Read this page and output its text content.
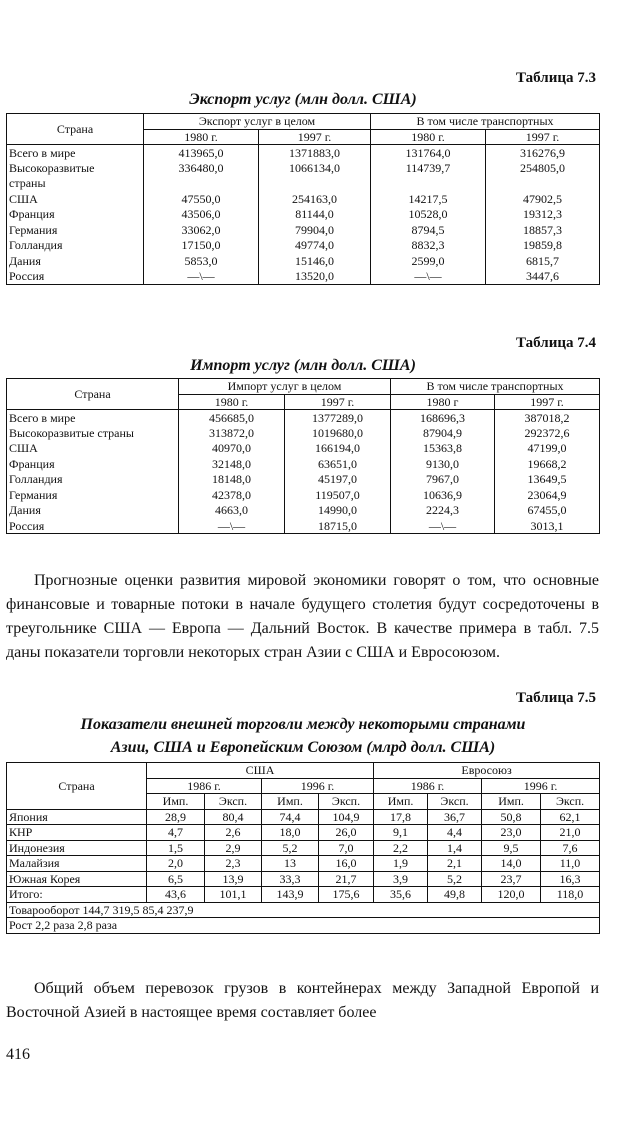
Таблица 7.3
Экспорт услуг (млн долл. США)
Страна	Экспорт услуг в целом		В том числе транспортных	
	1980 г.	1997 г.	1980 г.	1997 г.
Всего в мире	413965,0	1371883,0	131764,0	316276,9
Высокоразвитые	336480,0	1066134,0	114739,7	254805,0
страны				
США	47550,0	254163,0	14217,5	47902,5
Франция	43506,0	81144,0	10528,0	19312,3
Германия	33062,0	79904,0	8794,5	18857,3
Голландия	17150,0	49774,0	8832,3	19859,8
Дания	5853,0	15146,0	2599,0	6815,7
Россия	—\—	13520,0	—\—	3447,6
Таблица 7.4
Импорт услуг (млн долл. США)
Страна	Импорт услуг в целом		В том числе транспортных	
	1980 г.	1997 г.	1980 г	1997 г.
Всего в мире	456685,0	1377289,0	168696,3	387018,2
Высокоразвитые страны	313872,0	1019680,0	87904,9	292372,6
США	40970,0	166194,0	15363,8	47199,0
Франция	32148,0	63651,0	9130,0	19668,2
Голландия	18148,0	45197,0	7967,0	13649,5
Германия	42378,0	119507,0	10636,9	23064,9
Дания	4663,0	14990,0	2224,3	67455,0
Россия	—\—	18715,0	—\—	3013,1

Прогнозные оценки развития мировой экономики говорят о том, что основные финансовые и товарные потоки в начале будущего столетия будут сосредоточены в треугольнике США — Европа — Дальний Восток. В качестве примера в табл. 7.5 даны показатели торговли некоторых стран Азии с США и Евросоюзом.

Таблица 7.5
Показатели внешней торговли между некоторыми странами
Азии, США и Европейским Союзом (млрд долл. США)
Страна	США				Евросоюз			
	1986 г.		1996 г.		1986 г.		1996 г.	
	Имп.	Эксп.	Имп.	Эксп.	Имп.	Эксп.	Имп.	Эксп.
Япония	28,9	80,4	74,4	104,9	17,8	36,7	50,8	62,1
КНР	4,7	2,6	18,0	26,0	9,1	4,4	23,0	21,0
Индонезия	1,5	2,9	5,2	7,0	2,2	1,4	9,5	7,6
Малайзия	2,0	2,3	13	16,0	1,9	2,1	14,0	11,0
Южная Корея	6,5	13,9	33,3	21,7	3,9	5,2	23,7	16,3
Итого:	43,6	101,1	143,9	175,6	35,6	49,8	120,0	118,0
Товарооборот 144,7 319,5 85,4 237,9								
Рост 2,2 раза 2,8 раза								

Общий объем перевозок грузов в контейнерах между Западной Европой и Восточной Азией в настоящее время составляет более

416
